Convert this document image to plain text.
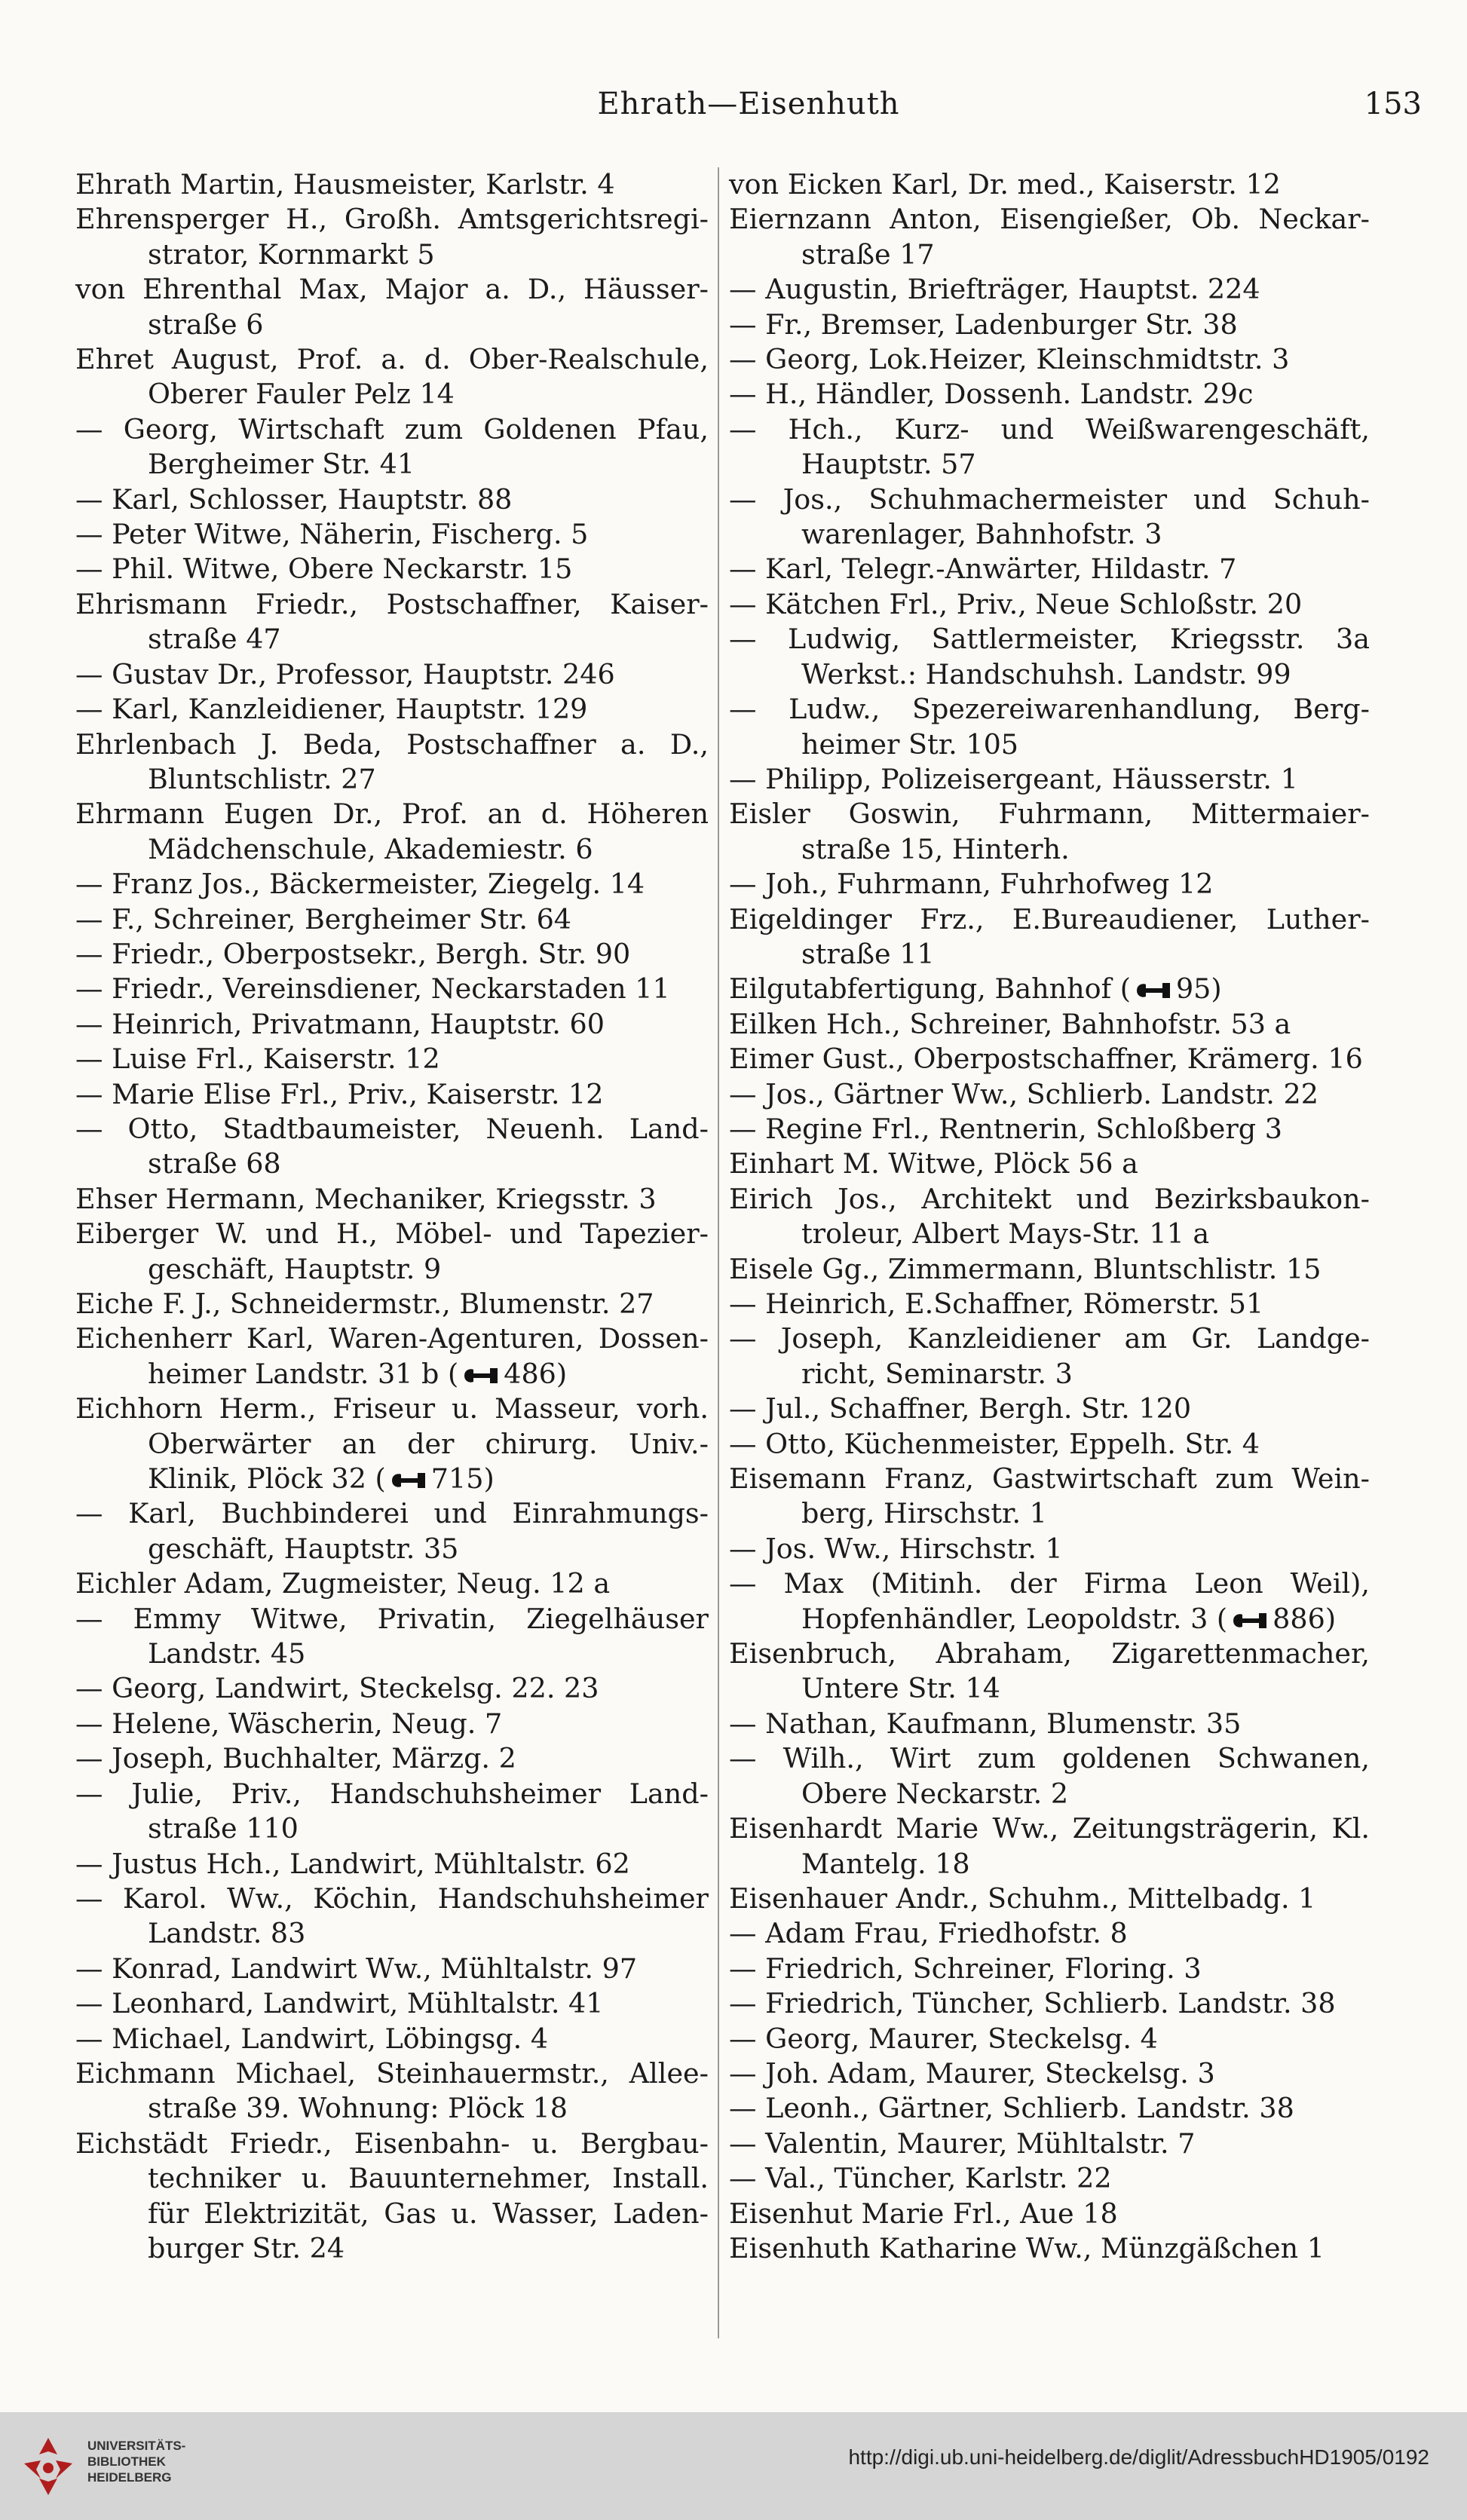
Ehrath—Eisenhuth	153
Ehrath Martin, Hausmeister, Karlstr. 4
Ehrensperger H., Großh. Amtsgerichtsregi- strator, Kornmarkt 5
von Ehrenthal Max, Major a. D., Häusser- straße 6
Ehret August, Prof. a. d. Ober-Realschule, Oberer Fauler Pelz 14
— Georg, Wirtschaft zum Goldenen Pfau, Bergheimer Str. 41
— Karl, Schlosser, Hauptstr. 88
— Peter Witwe, Näherin, Fischerg. 5
— Phil. Witwe, Obere Neckarstr. 15
Ehrismann Friedr., Postschaffner, Kaiser- straße 47
— Gustav Dr., Professor, Hauptstr. 246
— Karl, Kanzleidiener, Hauptstr. 129
Ehrlenbach J. Beda, Postschaffner a. D., Bluntschlistr. 27
Ehrmann Eugen Dr., Prof. an d. Höheren Mädchenschule, Akademiestr. 6
— Franz Jos., Bäckermeister, Ziegelg. 14
— F., Schreiner, Bergheimer Str. 64
— Friedr., Oberpostsekr., Bergh. Str. 90
— Friedr., Vereinsdiener, Neckarstaden 11
— Heinrich, Privatmann, Hauptstr. 60
— Luise Frl., Kaiserstr. 12
— Marie Elise Frl., Priv., Kaiserstr. 12
— Otto, Stadtbaumeister, Neuenh. Land- straße 68
Ehser Hermann, Mechaniker, Kriegsstr. 3
Eiberger W. und H., Möbel- und Tapezier- geschäft, Hauptstr. 9
Eiche F. J., Schneidermstr., Blumenstr. 27
Eichenherr Karl, Waren-Agenturen, Dossen- heimer Landstr. 31 b ( 486)
Eichhorn Herm., Friseur u. Masseur, vorh. Oberwärter an der chirurg. Univ.- Klinik, Plöck 32 ( 715)
— Karl, Buchbinderei und Einrahmungs- geschäft, Hauptstr. 35
Eichler Adam, Zugmeister, Neug. 12 a
— Emmy Witwe, Privatin, Ziegelhäuser Landstr. 45
— Georg, Landwirt, Steckelsg. 22. 23
— Helene, Wäscherin, Neug. 7
— Joseph, Buchhalter, Märzg. 2
— Julie, Priv., Handschuhsheimer Land- straße 110
— Justus Hch., Landwirt, Mühltalstr. 62
— Karol. Ww., Köchin, Handschuhsheimer Landstr. 83
— Konrad, Landwirt Ww., Mühltalstr. 97
— Leonhard, Landwirt, Mühltalstr. 41
— Michael, Landwirt, Löbingsg. 4
Eichmann Michael, Steinhauermstr., Allee- straße 39. Wohnung: Plöck 18
Eichstädt Friedr., Eisenbahn- u. Bergbau- techniker u. Bauunternehmer, Install. für Elektrizität, Gas u. Wasser, Laden- burger Str. 24
von Eicken Karl, Dr. med., Kaiserstr. 12
Eiernzann Anton, Eisengießer, Ob. Neckar- straße 17
— Augustin, Briefträger, Hauptst. 224
— Fr., Bremser, Ladenburger Str. 38
— Georg, Lok.Heizer, Kleinschmidtstr. 3
— H., Händler, Dossenh. Landstr. 29c
— Hch., Kurz- und Weißwarengeschäft, Hauptstr. 57
— Jos., Schuhmachermeister und Schuh- warenlager, Bahnhofstr. 3
— Karl, Telegr.-Anwärter, Hildastr. 7
— Kätchen Frl., Priv., Neue Schloßstr. 20
— Ludwig, Sattlermeister, Kriegsstr. 3a Werkst.: Handschuhsh. Landstr. 99
— Ludw., Spezereiwarenhandlung, Berg- heimer Str. 105
— Philipp, Polizeisergeant, Häusserstr. 1
Eisler Goswin, Fuhrmann, Mittermaier- straße 15, Hinterh.
— Joh., Fuhrmann, Fuhrhofweg 12
Eigeldinger Frz., E.Bureaudiener, Luther- straße 11
Eilgutabfertigung, Bahnhof ( 95)
Eilken Hch., Schreiner, Bahnhofstr. 53 a
Eimer Gust., Oberpostschaffner, Krämerg. 16
— Jos., Gärtner Ww., Schlierb. Landstr. 22
— Regine Frl., Rentnerin, Schloßberg 3
Einhart M. Witwe, Plöck 56 a
Eirich Jos., Architekt und Bezirksbaukon- troleur, Albert Mays-Str. 11 a
Eisele Gg., Zimmermann, Bluntschlistr. 15
— Heinrich, E.Schaffner, Römerstr. 51
— Joseph, Kanzleidiener am Gr. Landge- richt, Seminarstr. 3
— Jul., Schaffner, Bergh. Str. 120
— Otto, Küchenmeister, Eppelh. Str. 4
Eisemann Franz, Gastwirtschaft zum Wein- berg, Hirschstr. 1
— Jos. Ww., Hirschstr. 1
— Max (Mitinh. der Firma Leon Weil), Hopfenhändler, Leopoldstr. 3 ( 886)
Eisenbruch, Abraham, Zigarettenmacher, Untere Str. 14
— Nathan, Kaufmann, Blumenstr. 35
— Wilh., Wirt zum goldenen Schwanen, Obere Neckarstr. 2
Eisenhardt Marie Ww., Zeitungsträgerin, Kl. Mantelg. 18
Eisenhauer Andr., Schuhm., Mittelbadg. 1
— Adam Frau, Friedhofstr. 8
— Friedrich, Schreiner, Floring. 3
— Friedrich, Tüncher, Schlierb. Landstr. 38
— Georg, Maurer, Steckelsg. 4
— Joh. Adam, Maurer, Steckelsg. 3
— Leonh., Gärtner, Schlierb. Landstr. 38
— Valentin, Maurer, Mühltalstr. 7
— Val., Tüncher, Karlstr. 22
Eisenhut Marie Frl., Aue 18
Eisenhuth Katharine Ww., Münzgäßchen 1
UNIVERSITÄTS-
BIBLIOTHEK
HEIDELBERG
http://digi.ub.uni-heidelberg.de/diglit/AdressbuchHD1905/0192
